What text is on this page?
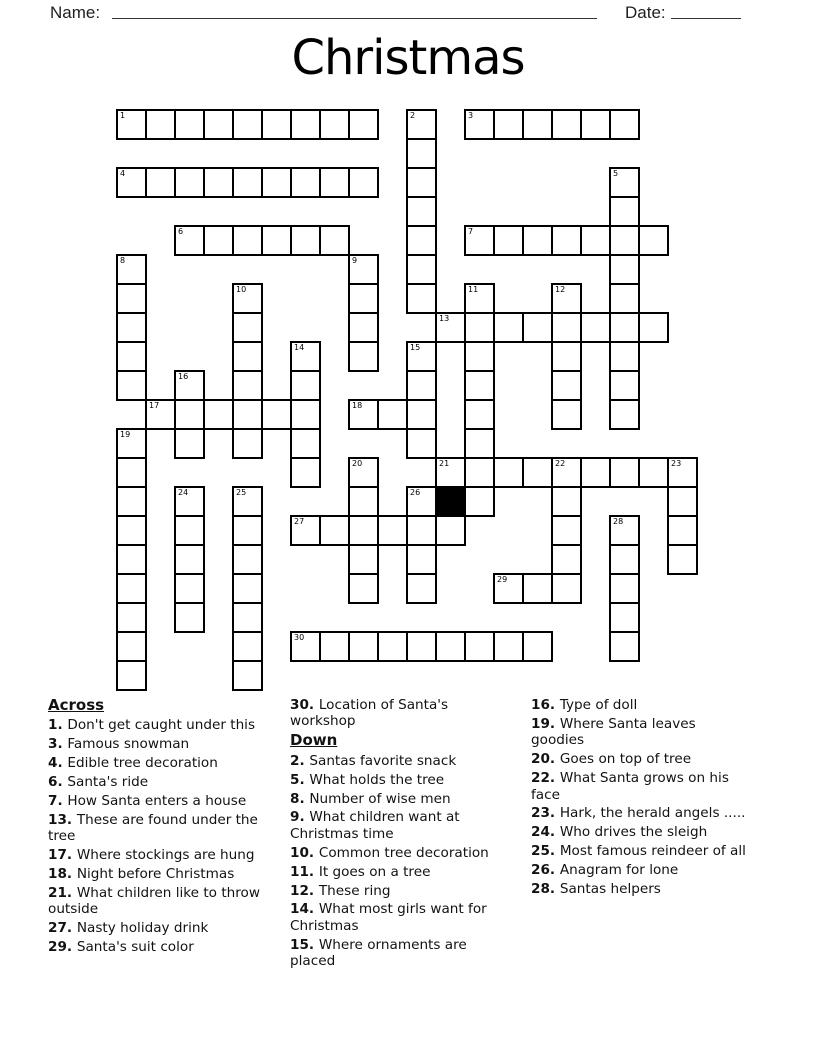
Name:	Date:
Christmas
1	2	3
4	5
6	7
8	9
10	11	12
13
14	15
16
17	18
19
20	21	22	23
24	25	26
27	28
29
30
Across
1. Don't get caught under this
3. Famous snowman
4. Edible tree decoration
6. Santa's ride
7. How Santa enters a house
13. These are found under the tree
17. Where stockings are hung
18. Night before Christmas
21. What children like to throw outside
27. Nasty holiday drink
29. Santa's suit color
30. Location of Santa's workshop
Down
2. Santas favorite snack
5. What holds the tree
8. Number of wise men
9. What children want at Christmas time
10. Common tree decoration
11. It goes on a tree
12. These ring
14. What most girls want for Christmas
15. Where ornaments are placed
16. Type of doll
19. Where Santa leaves goodies
20. Goes on top of tree
22. What Santa grows on his face
23. Hark, the herald angels .....
24. Who drives the sleigh
25. Most famous reindeer of all
26. Anagram for lone
28. Santas helpers
